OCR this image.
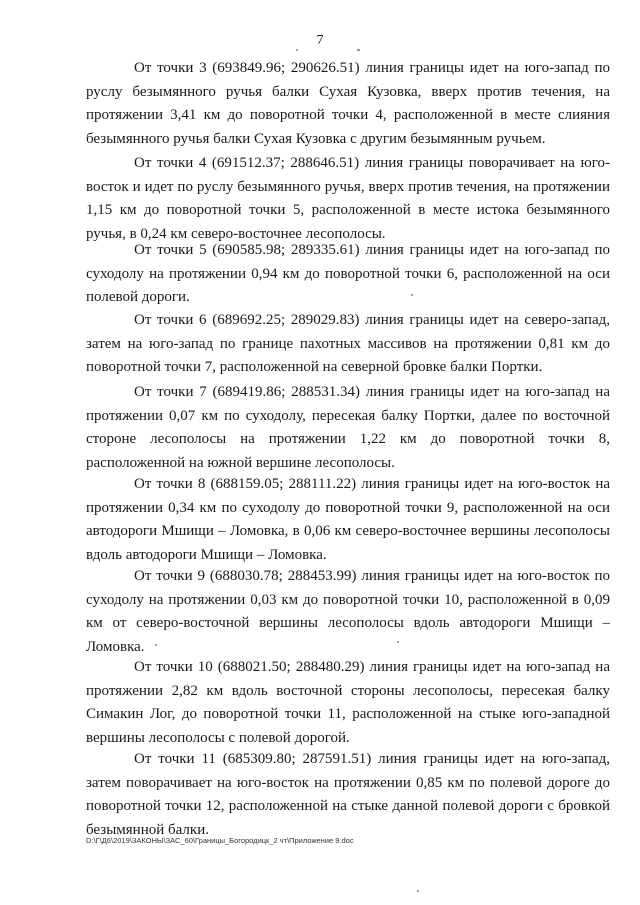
7

От точки 3 (693849.96; 290626.51) линия границы идет на юго-запад по руслу безымянного ручья балки Сухая Кузовка, вверх против течения, на протяжении 3,41 км до поворотной точки 4, расположенной в месте слияния безымянного ручья балки Сухая Кузовка с другим безымянным ручьем.

От точки 4 (691512.37; 288646.51) линия границы поворачивает на юго-восток и идет по руслу безымянного ручья, вверх против течения, на протяжении 1,15 км до поворотной точки 5, расположенной в месте истока безымянного ручья, в 0,24 км северо-восточнее лесополосы.

От точки 5 (690585.98; 289335.61) линия границы идет на юго-запад по суходолу на протяжении 0,94 км до поворотной точки 6, расположенной на оси полевой дороги.

От точки 6 (689692.25; 289029.83) линия границы идет на северо-запад, затем на юго-запад по границе пахотных массивов на протяжении 0,81 км до поворотной точки 7, расположенной на северной бровке балки Портки.

От точки 7 (689419.86; 288531.34) линия границы идет на юго-запад на протяжении 0,07 км по суходолу, пересекая балку Портки, далее по восточной стороне лесополосы на протяжении 1,22 км до поворотной точки 8, расположенной на южной вершине лесополосы.

От точки 8 (688159.05; 288111.22) линия границы идет на юго-восток на протяжении 0,34 км по суходолу до поворотной точки 9, расположенной на оси автодороги Мшищи – Ломовка, в 0,06 км северо-восточнее вершины лесополосы вдоль автодороги Мшищи – Ломовка.

От точки 9 (688030.78; 288453.99) линия границы идет на юго-восток по суходолу на протяжении 0,03 км до поворотной точки 10, расположенной в 0,09 км от северо-восточной вершины лесополосы вдоль автодороги Мшищи – Ломовка.

От точки 10 (688021.50; 288480.29) линия границы идет на юго-запад на протяжении 2,82 км вдоль восточной стороны лесополосы, пересекая балку Симакин Лог, до поворотной точки 11, расположенной на стыке юго-западной вершины лесополосы с полевой дорогой.

От точки 11 (685309.80; 287591.51) линия границы идет на юго-запад, затем поворачивает на юго-восток на протяжении 0,85 км по полевой дороге до поворотной точки 12, расположенной на стыке данной полевой дороги с бровкой безымянной балки.

D:\Г\Д6\2019\ЗАКОНЫ\ЗАС_60\Границы_Богородицк_2 чт\Приложение 9.doc
